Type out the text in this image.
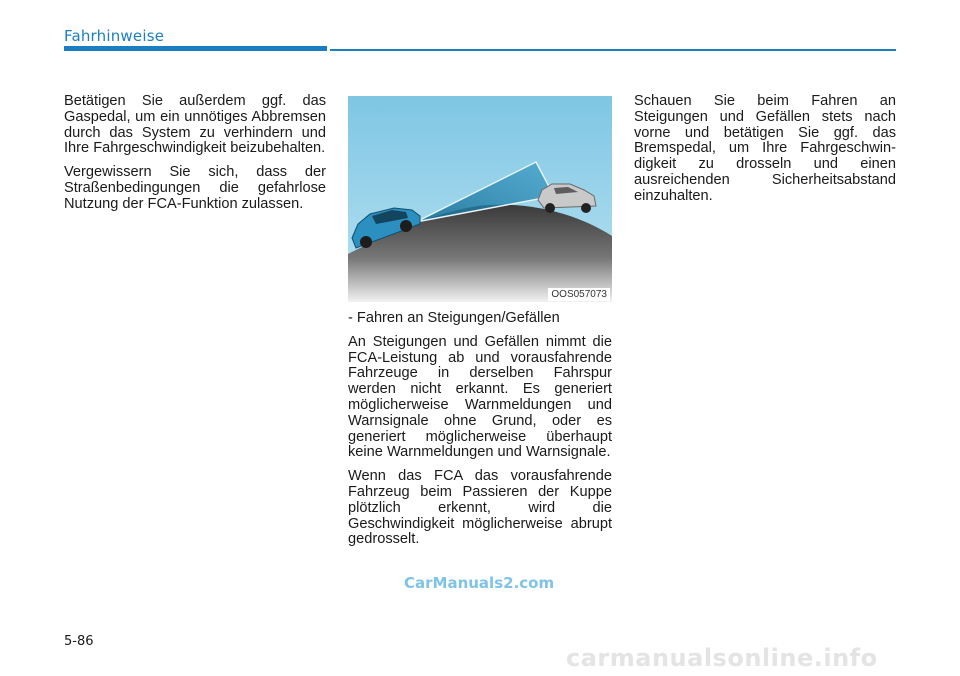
Fahrhinweise

Betätigen Sie außerdem ggf. das Gaspedal, um ein unnötiges Abbremsen durch das System zu verhindern und Ihre Fahrgeschwindigkeit beizubehalten.

Vergewissern Sie sich, dass der Straßenbedingungen die gefahrlose Nutzung der FCA-Funktion zulassen.

OOS057073

- Fahren an Steigungen/Gefällen

An Steigungen und Gefällen nimmt die FCA-Leistung ab und vorausfahrende Fahrzeuge in derselben Fahrspur werden nicht erkannt. Es generiert möglicherweise Warnmeldungen und Warnsignale ohne Grund, oder es generiert möglicherweise überhaupt keine Warnmeldungen und Warnsignale.

Wenn das FCA das vorausfahrende Fahrzeug beim Passieren der Kuppe plötzlich erkennt, wird die Geschwindigkeit möglicherweise abrupt gedrosselt.

Schauen Sie beim Fahren an Steigungen und Gefällen stets nach vorne und betätigen Sie ggf. das Bremspedal, um Ihre Fahrgeschwindigkeit zu drosseln und einen ausreichenden Sicherheitsabstand einzuhalten.

CarManuals2.com
5-86
carmanualsonline.info
